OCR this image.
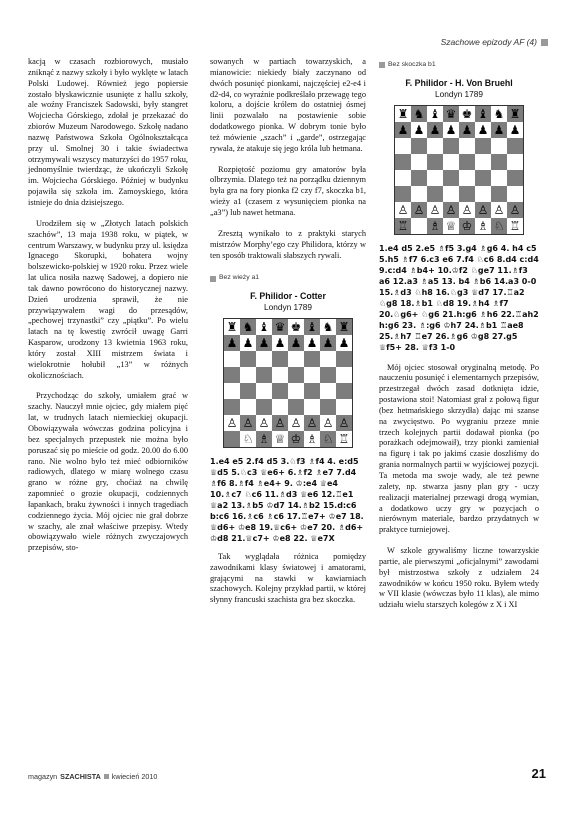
Szachowe epizody AF (4)

kacją w czasach rozbiorowych, musiało zniknąć z nazwy szkoły i było wyklęte w latach Polski Ludowej. Również jego popiersie zostało błyskawicznie usunięte z hallu szkoły, ale woźny Franciszek Sadowski, były stangret Wojciecha Górskiego, zdołał je przekazać do zbiorów Muzeum Narodowego. Szkołę nadano nazwę Państwowa Szkoła Ogólnokształcąca przy ul. Smolnej 30 i takie świadectwa otrzymywali wszyscy maturzyści do 1957 roku, jednomyślnie twierdząc, że ukończyli Szkołę im. Wojciecha Górskiego. Później w budynku pojawiła się szkoła im. Zamoyskiego, która istnieje do dnia dzisiejszego.

Urodziłem się w „Złotych latach polskich szachów”, 13 maja 1938 roku, w piątek, w centrum Warszawy, w budynku przy ul. księdza Ignacego Skorupki, bohatera wojny bolszewicko-polskiej w 1920 roku. Przez wiele lat ulica nosiła nazwę Sadowej, a dopiero nie tak dawno powrócono do historycznej nazwy. Dzień urodzenia sprawił, że nie przywiązywałem wagi do przesądów, „pechowej trzynastki” czy „piątku”. Po wielu latach na tę kwestię zwrócił uwagę Garri Kasparow, urodzony 13 kwietnia 1963 roku, który został XIII mistrzem świata i wielokrotnie hołubił „13” w różnych okolicznościach.

Przychodząc do szkoły, umiałem grać w szachy. Nauczył mnie ojciec, gdy miałem pięć lat, w trudnych latach niemieckiej okupacji. Obowiązywała wówczas godzina policyjna i bez specjalnych przepustek nie można było poruszać się po mieście od godz. 20.00 do 6.00 rano. Nie wolno było też mieć odbiorników radiowych, dlatego w miarę wolnego czasu grano w różne gry, choćiaż na chwilę zapomnieć o grozie okupacji, codziennych łapankach, braku żywności i innych tragediach codziennego życia. Mój ojciec nie grał dobrze w szachy, ale znał właściwe przepisy. Wtedy obowiązywało wiele różnych zwyczajowych przepisów, sto-

sowanych w partiach towarzyskich, a mianowicie: niekiedy biały zaczynano od dwóch posunięć pionkami, najczęściej e2-e4 i d2-d4, co wyraźnie podkreślało przewagę tego koloru, a dojście królem do ostatniej ósmej linii pozwalało na postawienie sobie dodatkowego pionka. W dobrym tonie było też mówienie „szach” i „garde”, ostrzegając rywala, że atakuje się jego króla lub hetmana.

Rozpiętość poziomu gry amatorów była olbrzymia. Dlatego też na porządku dziennym była gra na fory pionka f2 czy f7, skoczka b1, wieży a1 (czasem z wysunięciem pionka na „a3”) lub nawet hetmana.

Zresztą wynikało to z praktyki starych mistrzów Morphy’ego czy Philidora, którzy w ten sposób traktowali słabszych rywali.

Bez wieży a1
F. Philidor - Cotter
Londyn 1789
♜ ♞ ♝ ♛ ♚ ♝ ♞ ♜
♟ ♟ ♟ ♟ ♟ ♟ ♟ ♟
♙ ♙ ♙ ♙ ♙ ♙ ♙ ♙
♘ ♗ ♕ ♔ ♗ ♘ ♖
1.e4 e5 2.f4 d5 3.♘f3 ♗f4 4. e:d5 ♕d5 5.♘c3 ♕e6+ 6.♗f2 ♗e7 7.d4 ♗f6 8.♗f4 ♗e4+ 9. ♔:e4 ♕e4 10.♗c7 ♘c6 11.♗d3 ♕e6 12.♖e1 ♕a2 13.♗b5 ♔d7 14.♗b2 15.d:c6 b:c6 16.♗c6 ♗c6 17.♖e7+ ♔e7 18. ♕d6+ ♔e8 19.♕c6+ ♔e7 20. ♗d6+ ♔d8 21.♕c7+ ♔e8 22. ♕e7X

Tak wyglądała różnica pomiędzy zawodnikami klasy światowej i amatorami, grającymi na stawki w kawiarniach szachowych. Kolejny przykład partii, w której słynny francuski szachista gra bez skoczka.

Bez skoczka b1
F. Philidor - H. Von Bruehl
Londyn 1789
♜ ♞ ♝ ♛ ♚ ♝ ♞ ♜
♟ ♟ ♟ ♟ ♟ ♟ ♟ ♟
♙ ♙ ♙ ♙ ♙ ♙ ♙ ♙
♖ ♗ ♕ ♔ ♗ ♘ ♖
1.e4 d5 2.e5 ♗f5 3.g4 ♗g6 4. h4 c5 5.h5 ♗f7 6.c3 e6 7.f4 ♘c6 8.d4 c:d4 9.c:d4 ♗b4+ 10.♔f2 ♘ge7 11.♗f3 a6 12.a3 ♗a5 13. b4 ♗b6 14.a3 0-0 15.♗d3 ♘h8 16.♘g3 ♕d7 17.♖a2 ♘g8 18.♗b1 ♘d8 19.♗h4 ♗f7 20.♘g6+ ♘g6 21.h:g6 ♗h6 22.♖ah2 h:g6 23. ♗:g6 ♔h7 24.♗b1 ♖ae8 25.♗h7 ♖e7 26.♗g6 ♔g8 27.g5 ♕f5+ 28. ♕f3 1-0

Mój ojciec stosował oryginalną metodę. Po nauczeniu posunięć i elementarnych przepisów, przestrzegał dwóch zasad dotknięta idzie, postawiona stoi! Natomiast grał z połową figur (bez hetmańskiego skrzydła) dając mi szanse na zwycięstwo. Po wygraniu przeze mnie trzech kolejnych partii dodawał pionka (po porażkach odejmowaił), trzy pionki zamieniał na figurę i tak po jakimś czasie doszliśmy do grania normalnych partii w wyjściowej pozycji. Ta metoda ma swoje wady, ale też pewne zalety, np. stwarza jasny plan gry - uczy realizacji materialnej przewagi drogą wymian, a dodatkowo uczy gry w pozycjach o nierównym materiale, bardzo przydatnych w praktyce turniejowej.

W szkole grywaliśmy liczne towarzyskie partie, ale pierwszymi „oficjalnymi” zawodami był mistrzostwa szkoły z udziałem 24 zawodników w końcu 1950 roku. Byłem wtedy w VII klasie (wówczas było 11 klas), ale mimo udziału wielu starszych kolegów z X i XI

magazyn SZACHISTA kwiecień 2010	21
